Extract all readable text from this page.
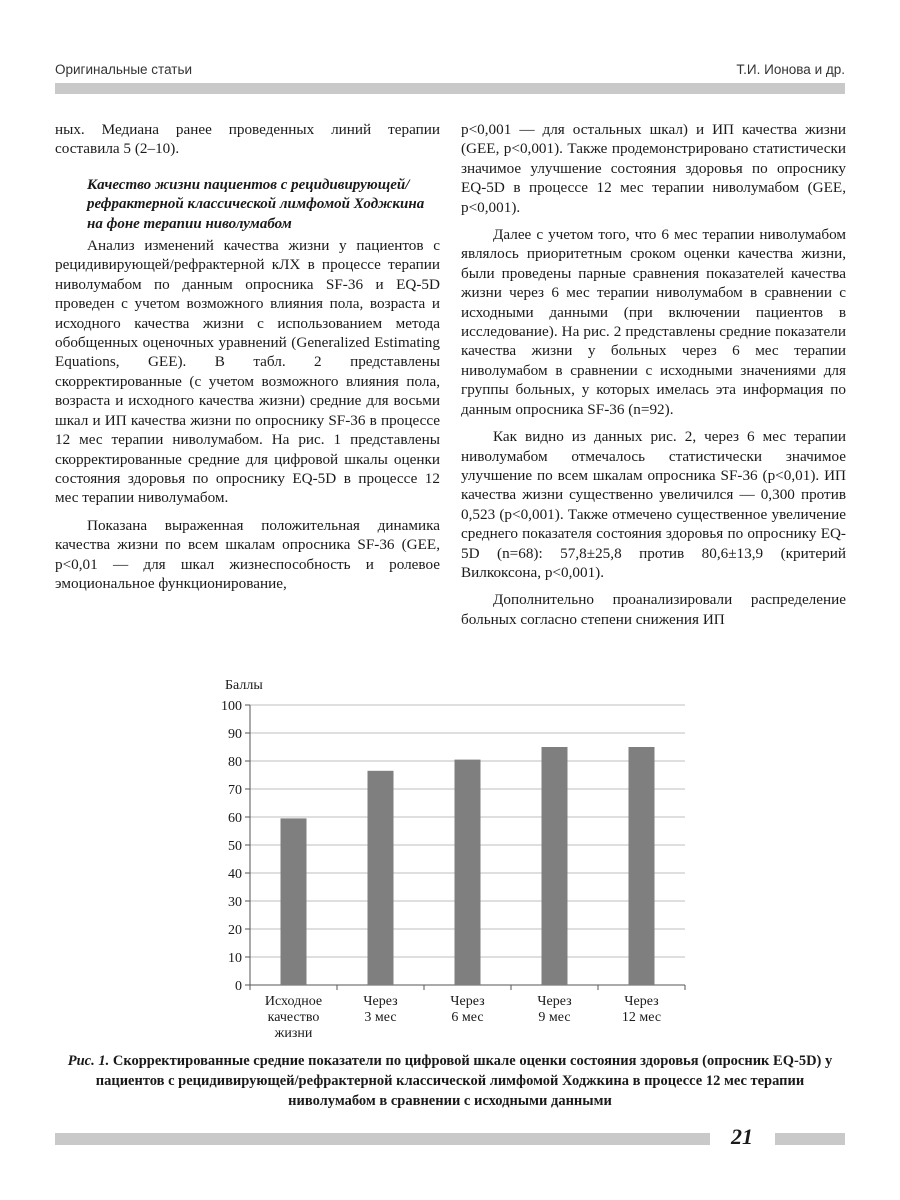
Оригинальные статьи	Т.И. Ионова и др.

ных. Медиана ранее проведенных линий терапии составила 5 (2–10).

Качество жизни пациентов с рецидивирующей/рефрактерной классической лимфомой Ходжкина на фоне терапии ниволумабом

Анализ изменений качества жизни у пациентов с рецидивирующей/рефрактерной кЛХ в процессе терапии ниволумабом по данным опросника SF-36 и EQ-5D проведен с учетом возможного влияния пола, возраста и исходного качества жизни с использованием метода обобщенных оценочных уравнений (Generalized Estimating Equations, GEE). В табл. 2 представлены скорректированные (с учетом возможного влияния пола, возраста и исходного качества жизни) средние для восьми шкал и ИП качества жизни по опроснику SF-36 в процессе 12 мес терапии ниволумабом. На рис. 1 представлены скорректированные средние для цифровой шкалы оценки состояния здоровья по опроснику EQ-5D в процессе 12 мес терапии ниволумабом.

Показана выраженная положительная динамика качества жизни по всем шкалам опросника SF-36 (GEE, p<0,01 — для шкал жизнеспособность и ролевое эмоциональное функционирование,

p<0,001 — для остальных шкал) и ИП качества жизни (GEE, p<0,001). Также продемонстрировано статистически значимое улучшение состояния здоровья по опроснику EQ-5D в процессе 12 мес терапии ниволумабом (GEE, p<0,001).

Далее с учетом того, что 6 мес терапии ниволумабом являлось приоритетным сроком оценки качества жизни, были проведены парные сравнения показателей качества жизни через 6 мес терапии ниволумабом в сравнении с исходными данными (при включении пациентов в исследование). На рис. 2 представлены средние показатели качества жизни у больных через 6 мес терапии ниволумабом в сравнении с исходными значениями для группы больных, у которых имелась эта информация по данным опросника SF-36 (n=92).

Как видно из данных рис. 2, через 6 мес терапии ниволумабом отмечалось статистически значимое улучшение по всем шкалам опросника SF-36 (p<0,01). ИП качества жизни существенно увеличился — 0,300 против 0,523 (p<0,001). Также отмечено существенное увеличение среднего показателя состояния здоровья по опроснику EQ-5D (n=68): 57,8±25,8 против 80,6±13,9 (критерий Вилкоксона, p<0,001).

Дополнительно проанализировали распределение больных согласно степени снижения ИП

Баллы
0
10
20
30
40
50
60
70
80
90
100
Исходное качество жизни
Через 3 мес
Через 6 мес
Через 9 мес
Через 12 мес
Рис. 1. Скорректированные средние показатели по цифровой шкале оценки состояния здоровья (опросник EQ-5D) у пациентов с рецидивирующей/рефрактерной классической лимфомой Ходжкина в процессе 12 мес терапии ниволумабом в сравнении с исходными данными
21
